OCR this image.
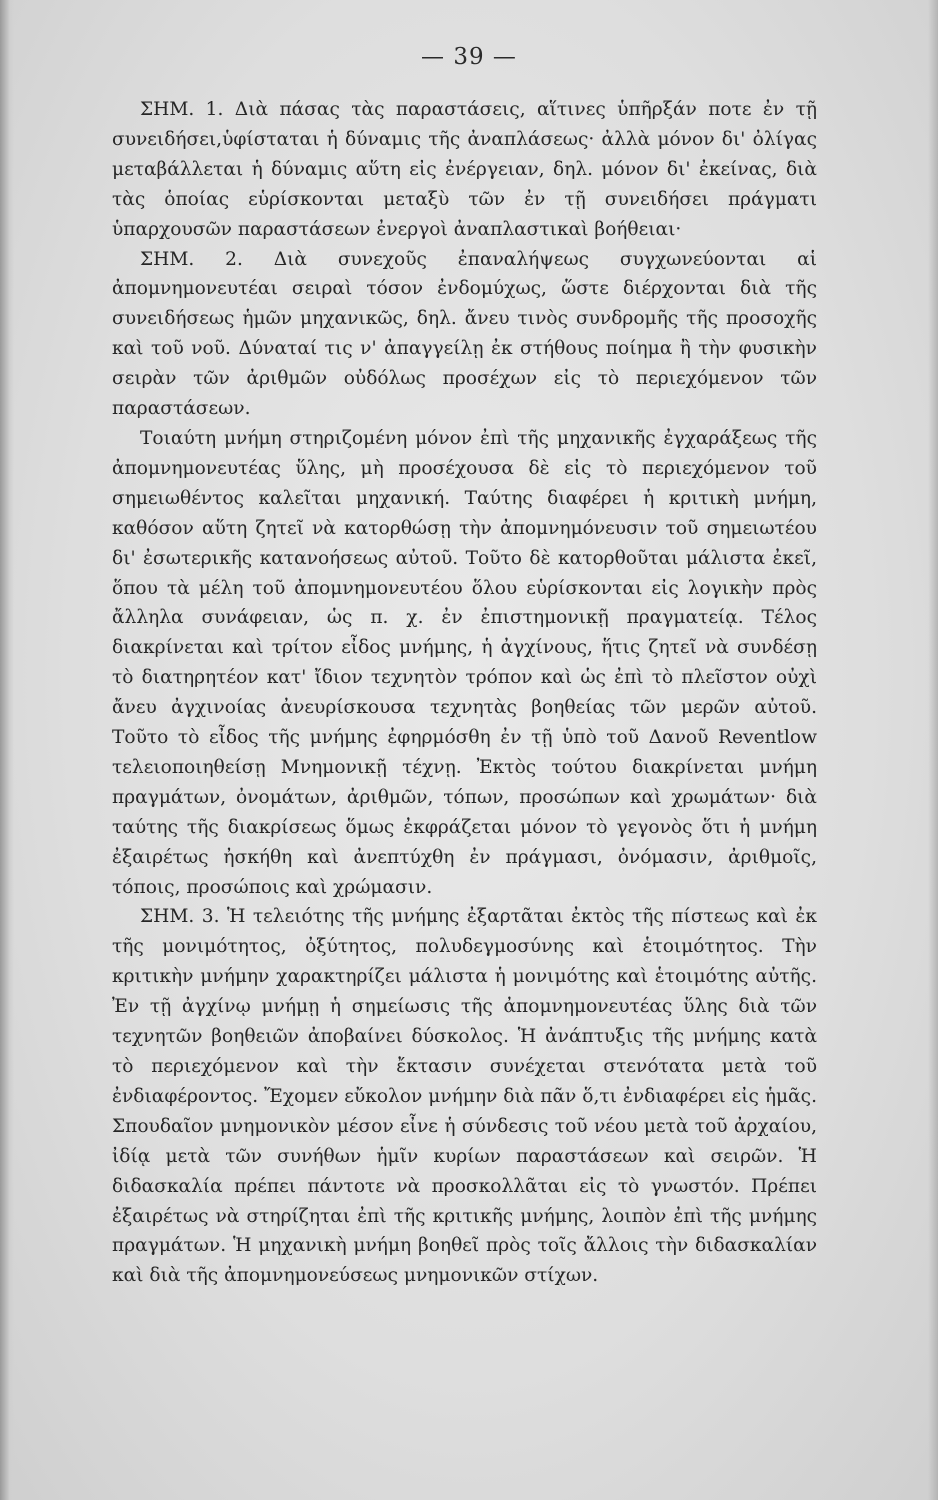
— 39 —

ΣΗΜ. 1. Διὰ πάσας τὰς παραστάσεις, αἵτινες ὑπῆρξάν ποτε ἐν τῇ συνειδήσει,ὑφίσταται ἡ δύναμις τῆς ἀναπλάσεως· ἀλλὰ μόνον δι' ὀλίγας μεταβάλλεται ἡ δύναμις αὕτη εἰς ἐνέργειαν, δηλ. μόνον δι' ἐκείνας, διὰ τὰς ὁποίας εὑρίσκονται μεταξὺ τῶν ἐν τῇ συνειδήσει πράγματι ὑπαρχουσῶν παραστάσεων ἐνεργοὶ ἀναπλαστικαὶ βοήθειαι·

ΣΗΜ. 2. Διὰ συνεχοῦς ἐπαναλήψεως συγχωνεύονται αἱ ἀπομνημονευτέαι σειραὶ τόσον ἐνδομύχως, ὥστε διέρχονται διὰ τῆς συνειδήσεως ἡμῶν μηχανικῶς, δηλ. ἄνευ τινὸς συνδρομῆς τῆς προσοχῆς καὶ τοῦ νοῦ. Δύναταί τις ν' ἀπαγγείλῃ ἐκ στήθους ποίημα ἢ τὴν φυσικὴν σειρὰν τῶν ἀριθμῶν οὐδόλως προσέχων εἰς τὸ περιεχόμενον τῶν παραστάσεων.

Τοιαύτη μνήμη στηριζομένη μόνον ἐπὶ τῆς μηχανικῆς ἐγχαράξεως τῆς ἀπομνημονευτέας ὕλης, μὴ προσέχουσα δὲ εἰς τὸ περιεχόμενον τοῦ σημειωθέντος καλεῖται μηχανική. Ταύτης διαφέρει ἡ κριτικὴ μνήμη, καθόσον αὕτη ζητεῖ νὰ κατορθώσῃ τὴν ἀπομνημόνευσιν τοῦ σημειωτέου δι' ἐσωτερικῆς κατανοήσεως αὐτοῦ. Τοῦτο δὲ κατορθοῦται μάλιστα ἐκεῖ, ὅπου τὰ μέλη τοῦ ἀπομνημονευτέου ὅλου εὑρίσκονται εἰς λογικὴν πρὸς ἄλληλα συνάφειαν, ὡς π. χ. ἐν ἐπιστημονικῇ πραγματείᾳ. Τέλος διακρίνεται καὶ τρίτον εἶδος μνήμης, ἡ ἀγχίνους, ἥτις ζητεῖ νὰ συνδέσῃ τὸ διατηρητέον κατ' ἴδιον τεχνητὸν τρόπον καὶ ὡς ἐπὶ τὸ πλεῖστον οὐχὶ ἄνευ ἀγχινοίας ἀνευρίσκουσα τεχνητὰς βοηθείας τῶν μερῶν αὐτοῦ. Τοῦτο τὸ εἶδος τῆς μνήμης ἐφηρμόσθη ἐν τῇ ὑπὸ τοῦ Δανοῦ Reventlow τελειοποιηθείσῃ Μνημονικῇ τέχνῃ. Ἐκτὸς τούτου διακρίνεται μνήμη πραγμάτων, ὀνομάτων, ἀριθμῶν, τόπων, προσώπων καὶ χρωμάτων· διὰ ταύτης τῆς διακρίσεως ὅμως ἐκφράζεται μόνον τὸ γεγονὸς ὅτι ἡ μνήμη ἐξαιρέτως ἠσκήθη καὶ ἀνεπτύχθη ἐν πράγμασι, ὀνόμασιν, ἀριθμοῖς, τόποις, προσώποις καὶ χρώμασιν.

ΣΗΜ. 3. Ἡ τελειότης τῆς μνήμης ἐξαρτᾶται ἐκτὸς τῆς πίστεως καὶ ἐκ τῆς μονιμότητος, ὀξύτητος, πολυδεγμοσύνης καὶ ἑτοιμότητος. Τὴν κριτικὴν μνήμην χαρακτηρίζει μάλιστα ἡ μονιμότης καὶ ἑτοιμότης αὐτῆς. Ἐν τῇ ἀγχίνῳ μνήμῃ ἡ σημείωσις τῆς ἀπομνημονευτέας ὕλης διὰ τῶν τεχνητῶν βοηθειῶν ἀποβαίνει δύσκολος. Ἡ ἀνάπτυξις τῆς μνήμης κατὰ τὸ περιεχόμενον καὶ τὴν ἔκτασιν συνέχεται στενότατα μετὰ τοῦ ἐνδιαφέροντος. Ἔχομεν εὔκολον μνήμην διὰ πᾶν ὅ,τι ἐνδιαφέρει εἰς ἡμᾶς. Σπουδαῖον μνημονικὸν μέσον εἶνε ἡ σύνδεσις τοῦ νέου μετὰ τοῦ ἀρχαίου, ἰδίᾳ μετὰ τῶν συνήθων ἡμῖν κυρίων παραστάσεων καὶ σειρῶν. Ἡ διδασκαλία πρέπει πάντοτε νὰ προσκολλᾶται εἰς τὸ γνωστόν. Πρέπει ἐξαιρέτως νὰ στηρίζηται ἐπὶ τῆς κριτικῆς μνήμης, λοιπὸν ἐπὶ τῆς μνήμης πραγμάτων. Ἡ μηχανικὴ μνήμη βοηθεῖ πρὸς τοῖς ἄλλοις τὴν διδασκαλίαν καὶ διὰ τῆς ἀπομνημονεύσεως μνημονικῶν στίχων.
